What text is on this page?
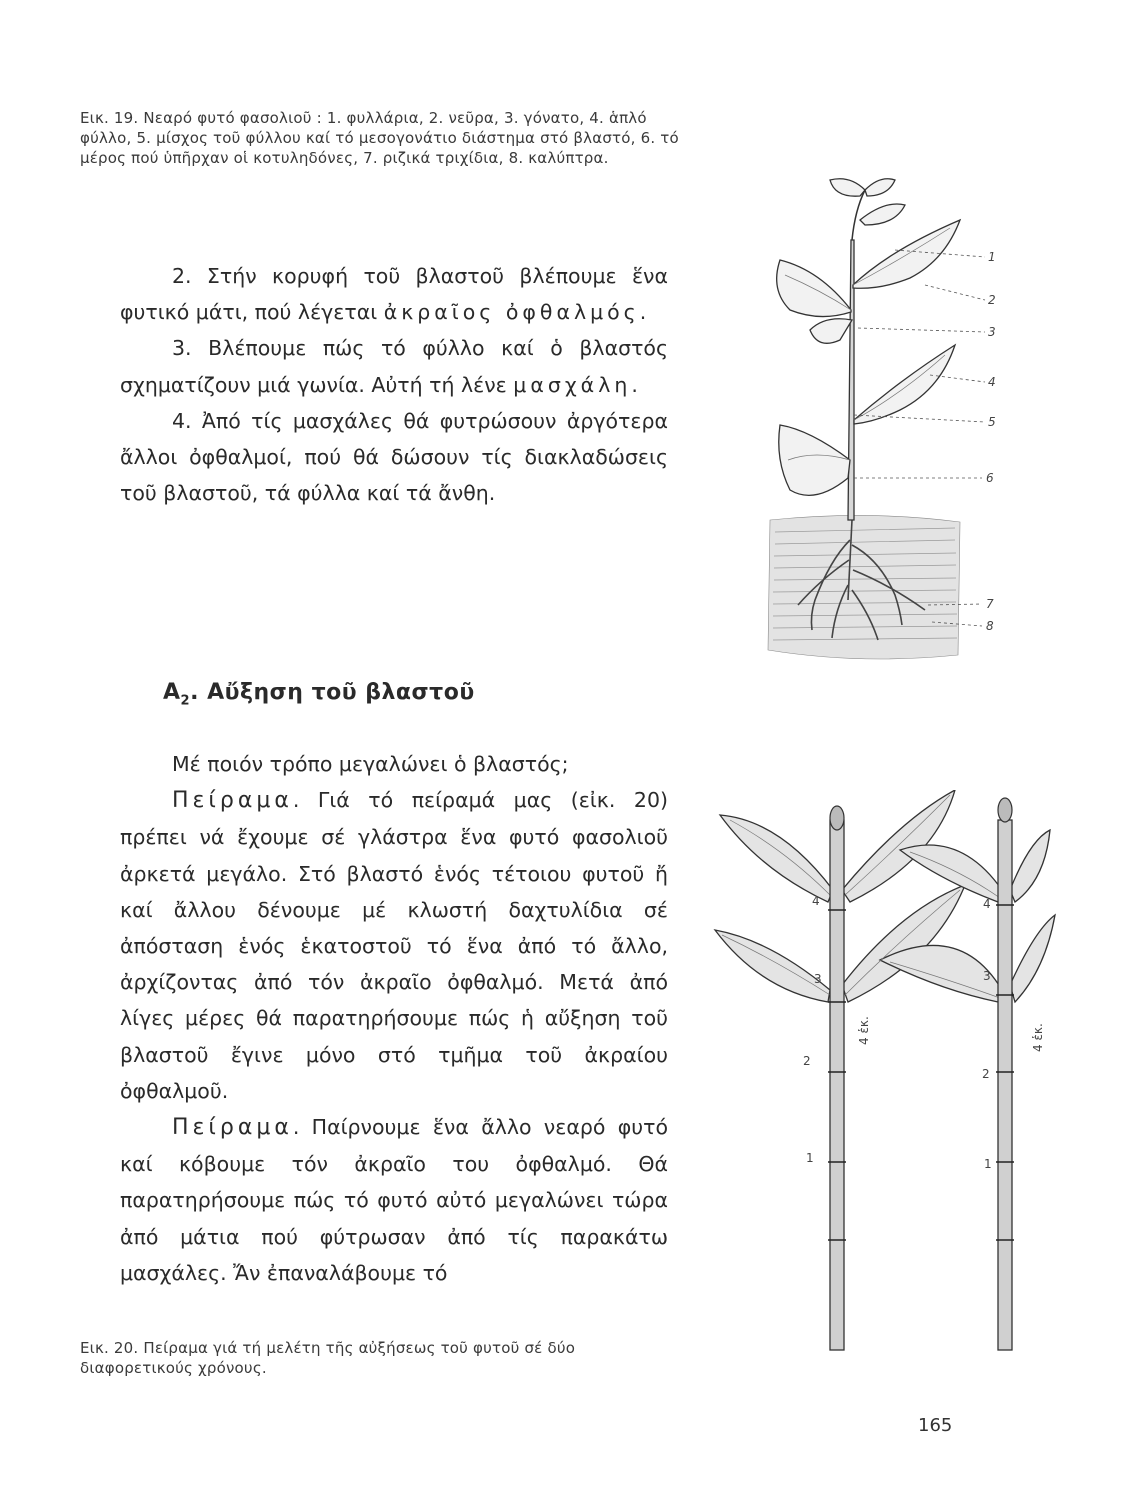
Εικ. 19. Νεαρό φυτό φασολιοῦ : 1. φυλλάρια, 2. νεῦρα, 3. γόνατο, 4. ἁπλό φύλλο, 5. μίσχος τοῦ φύλλου καί τό μεσογονάτιο διάστημα στό βλαστό, 6. τό μέρος πού ὑπῆρχαν οἱ κοτυληδόνες, 7. ριζικά τριχίδια, 8. καλύπτρα.

2. Στήν κορυφή τοῦ βλαστοῦ βλέπουμε ἕνα φυτικό μάτι, πού λέγεται ἀκραῖος ὀφθαλμός.
3. Βλέπουμε πώς τό φύλλο καί ὁ βλαστός σχηματίζουν μιά γωνία. Αὐτή τή λένε μασχάλη.
4. Ἀπό τίς μασχάλες θά φυτρώσουν ἀργότερα ἄλλοι ὀφθαλμοί, πού θά δώσουν τίς διακλαδώσεις τοῦ βλαστοῦ, τά φύλλα καί τά ἄνθη.
1
2
3
4
5
6
7
8
$A_2$. Αὔξηση τοῦ βλαστοῦ
Μέ ποιόν τρόπο μεγαλώνει ὁ βλαστός;
Πείραμα. Γιά τό πείραμά μας (εἰκ. 20) πρέπει νά ἔχουμε σέ γλάστρα ἕνα φυτό φασολιοῦ ἀρκετά μεγάλο. Στό βλαστό ἑνός τέτοιου φυτοῦ ἤ καί ἄλλου δένουμε μέ κλωστή δαχτυλίδια σέ ἀπόσταση ἑνός ἑκατοστοῦ τό ἕνα ἀπό τό ἄλλο, ἀρχίζοντας ἀπό τόν ἀκραῖο ὀφθαλμό. Μετά ἀπό λίγες μέρες θά παρατηρήσουμε πώς ἡ αὔξηση τοῦ βλαστοῦ ἔγινε μόνο στό τμῆμα τοῦ ἀκραίου ὀφθαλμοῦ.
Πείραμα. Παίρνουμε ἕνα ἄλλο νεαρό φυτό καί κόβουμε τόν ἀκραῖο του ὀφθαλμό. Θά παρατηρήσουμε πώς τό φυτό αὐτό μεγαλώνει τώρα ἀπό μάτια πού φύτρωσαν ἀπό τίς παρακάτω μασχάλες. Ἄν ἐπαναλάβουμε τό
4
3
2
1
4
3
2
1
4 ἑκ.	4 ἑκ.

Εικ. 20. Πείραμα γιά τή μελέτη τῆς αὐξήσεως τοῦ φυτοῦ σέ δύο διαφορετικούς χρόνους.

165
